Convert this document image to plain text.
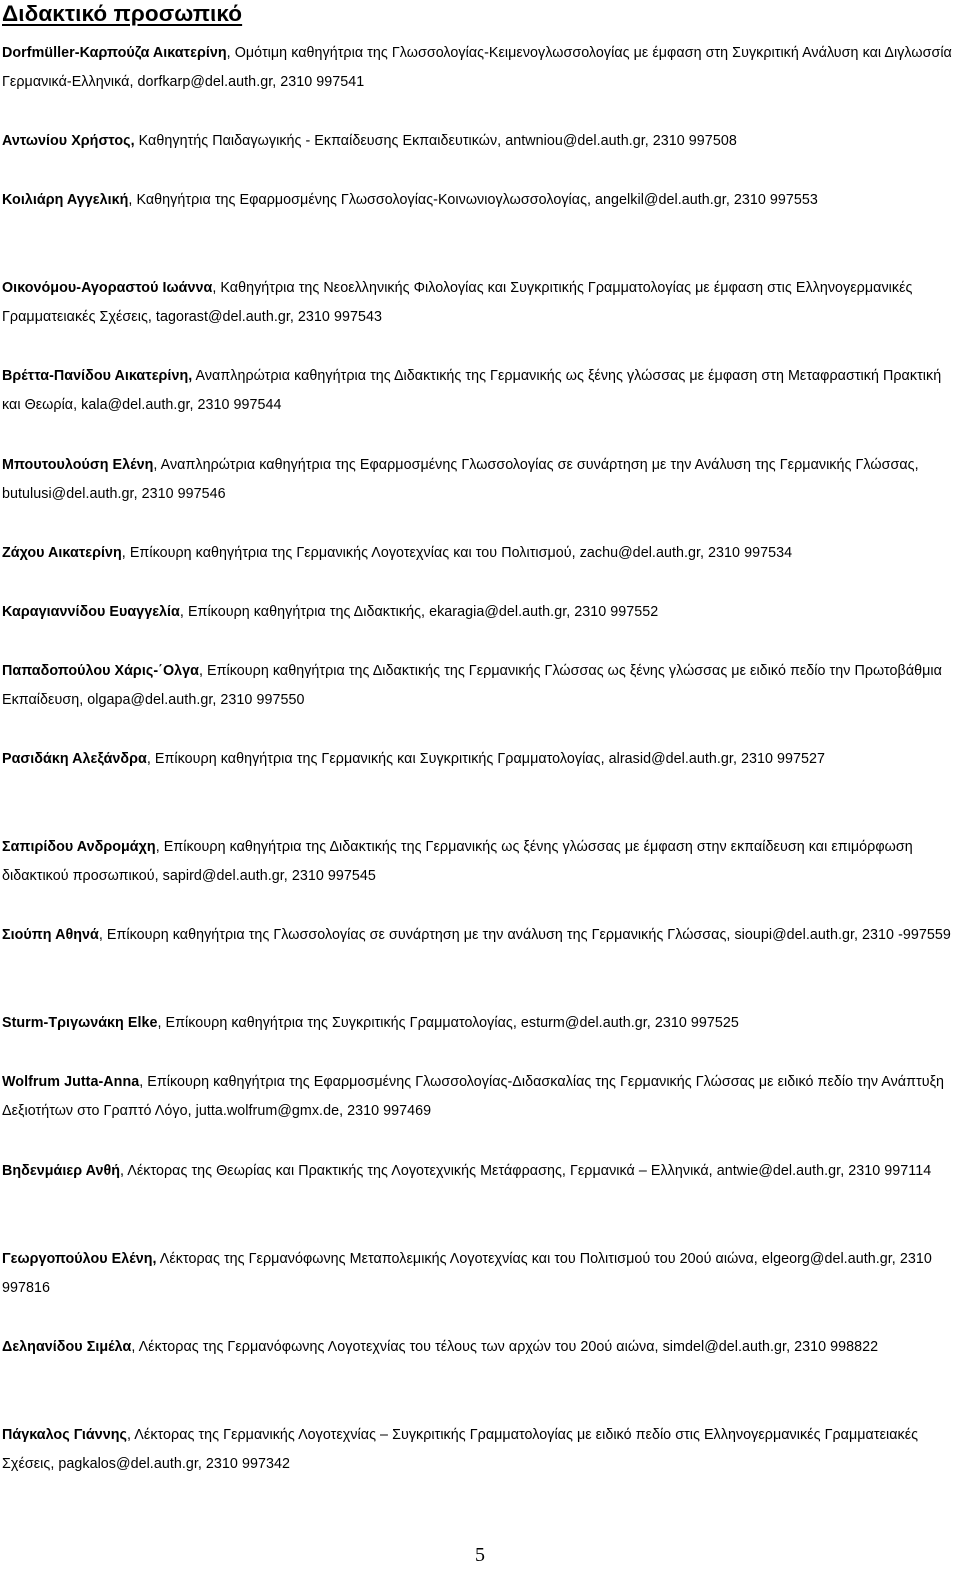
Διδακτικό προσωπικό

Dorfmüller-Καρπούζα Αικατερίνη, Ομότιμη καθηγήτρια της Γλωσσολογίας-Κειμενογλωσσολογίας με έμφαση στη Συγκριτική Ανάλυση και Διγλωσσία Γερμανικά-Ελληνικά, dorfkarp@del.auth.gr, 2310 997541

Αντωνίου Χρήστος, Καθηγητής Παιδαγωγικής - Εκπαίδευσης Εκπαιδευτικών, antwniou@del.auth.gr, 2310 997508

Κοιλιάρη Αγγελική, Καθηγήτρια της Εφαρμοσμένης Γλωσσολογίας-Κοινωνιογλωσσολογίας, angelkil@del.auth.gr, 2310 997553

Οικονόμου-Αγοραστού Ιωάννα, Καθηγήτρια της Νεοελληνικής Φιλολογίας και Συγκριτικής Γραμματολογίας με έμφαση στις Ελληνογερμανικές Γραμματειακές Σχέσεις, tagorast@del.auth.gr, 2310 997543

Βρέττα-Πανίδου Αικατερίνη, Αναπληρώτρια καθηγήτρια της Διδακτικής της Γερμανικής ως ξένης γλώσσας με έμφαση στη Μεταφραστική Πρακτική και Θεωρία, kala@del.auth.gr, 2310 997544

Μπουτουλούση Ελένη, Αναπληρώτρια καθηγήτρια της Εφαρμοσμένης Γλωσσολογίας σε συνάρτηση με την Ανάλυση της Γερμανικής Γλώσσας, butulusi@del.auth.gr, 2310 997546

Ζάχου Αικατερίνη, Επίκουρη καθηγήτρια της Γερμανικής Λογοτεχνίας και του Πολιτισμού, zachu@del.auth.gr, 2310 997534

Καραγιαννίδου Ευαγγελία, Επίκουρη καθηγήτρια της Διδακτικής, ekaragia@del.auth.gr, 2310 997552

Παπαδοπούλου Χάρις-΄Ολγα, Επίκουρη καθηγήτρια της Διδακτικής της Γερμανικής Γλώσσας ως ξένης γλώσσας με ειδικό πεδίο την Πρωτοβάθμια Εκπαίδευση, olgapa@del.auth.gr, 2310 997550

Ρασιδάκη Αλεξάνδρα, Επίκουρη καθηγήτρια της Γερμανικής και Συγκριτικής Γραμματολογίας, alrasid@del.auth.gr, 2310 997527

Σαπιρίδου Ανδρομάχη, Επίκουρη καθηγήτρια της Διδακτικής της Γερμανικής ως ξένης γλώσσας με έμφαση στην εκπαίδευση και επιμόρφωση διδακτικού προσωπικού, sapird@del.auth.gr, 2310 997545

Σιούπη Αθηνά, Επίκουρη καθηγήτρια της Γλωσσολογίας σε συνάρτηση με την ανάλυση της Γερμανικής Γλώσσας, sioupi@del.auth.gr, 2310 -997559

Sturm-Τριγωνάκη Elke, Επίκουρη καθηγήτρια της Συγκριτικής Γραμματολογίας, esturm@del.auth.gr, 2310 997525

Wolfrum Jutta-Anna, Επίκουρη καθηγήτρια της Εφαρμοσμένης Γλωσσολογίας-Διδασκαλίας της Γερμανικής Γλώσσας με ειδικό πεδίο την Ανάπτυξη Δεξιοτήτων στο Γραπτό Λόγο, jutta.wolfrum@gmx.de, 2310 997469

Βηδενμάιερ Ανθή, Λέκτορας της Θεωρίας και Πρακτικής της Λογοτεχνικής Μετάφρασης, Γερμανικά – Ελληνικά, antwie@del.auth.gr, 2310 997114

Γεωργοπούλου Ελένη, Λέκτορας της Γερμανόφωνης Μεταπολεμικής Λογοτεχνίας και του Πολιτισμού του 20ού αιώνα, elgeorg@del.auth.gr, 2310 997816

Δεληανίδου Σιμέλα, Λέκτορας της Γερμανόφωνης Λογοτεχνίας του τέλους των αρχών του 20ού αιώνα, simdel@del.auth.gr, 2310 998822

Πάγκαλος Γιάννης, Λέκτορας της Γερμανικής Λογοτεχνίας – Συγκριτικής Γραμματολογίας με ειδικό πεδίο στις Ελληνογερμανικές Γραμματειακές Σχέσεις, pagkalos@del.auth.gr, 2310 997342

5
